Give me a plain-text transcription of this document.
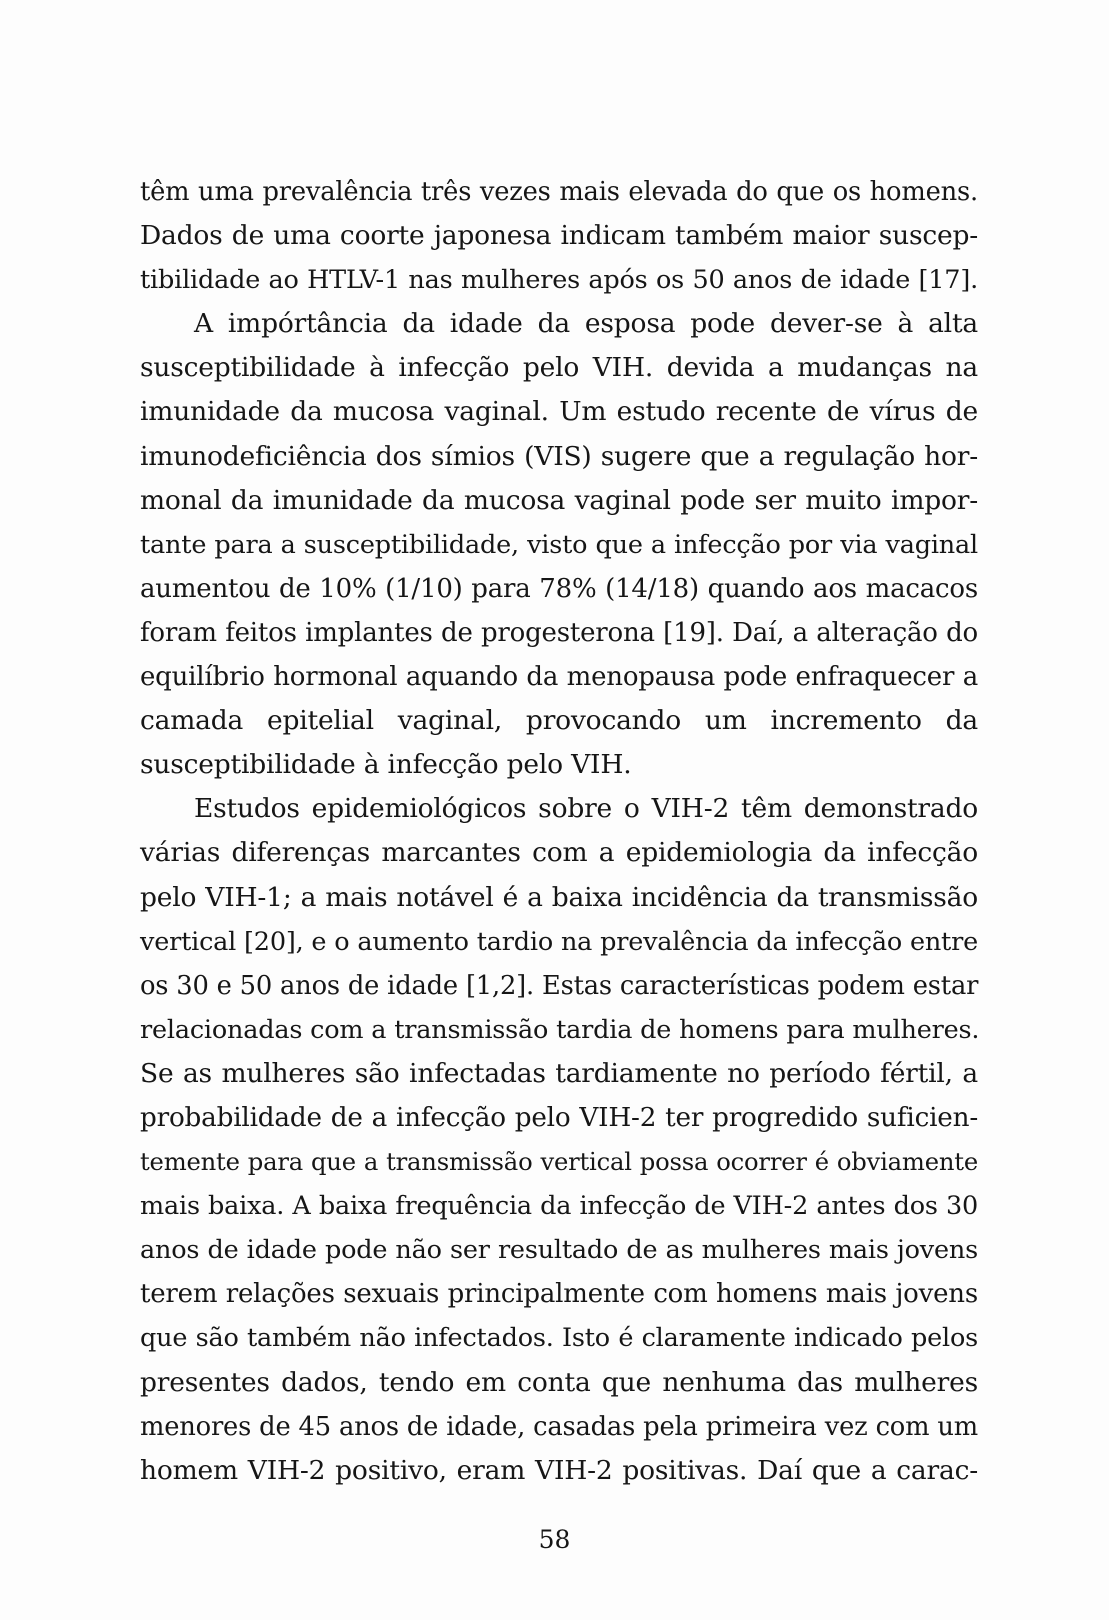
têm uma prevalência três vezes mais elevada do que os homens.
Dados de uma coorte japonesa indicam também maior suscep-
tibilidade ao HTLV-1 nas mulheres após os 50 anos de idade [17].
A impórtância da idade da esposa pode dever-se à alta
susceptibilidade à infecção pelo VIH. devida a mudanças na
imunidade da mucosa vaginal. Um estudo recente de vírus de
imunodeficiência dos símios (VIS) sugere que a regulação hor-
monal da imunidade da mucosa vaginal pode ser muito impor-
tante para a susceptibilidade, visto que a infecção por via vaginal
aumentou de 10% (1/10) para 78% (14/18) quando aos macacos
foram feitos implantes de progesterona [19]. Daí, a alteração do
equilíbrio hormonal aquando da menopausa pode enfraquecer a
camada epitelial vaginal, provocando um incremento da
susceptibilidade à infecção pelo VIH.
Estudos epidemiológicos sobre o VIH-2 têm demonstrado
várias diferenças marcantes com a epidemiologia da infecção
pelo VIH-1; a mais notável é a baixa incidência da transmissão
vertical [20], e o aumento tardio na prevalência da infecção entre
os 30 e 50 anos de idade [1,2]. Estas características podem estar
relacionadas com a transmissão tardia de homens para mulheres.
Se as mulheres são infectadas tardiamente no período fértil, a
probabilidade de a infecção pelo VIH-2 ter progredido suficien-
temente para que a transmissão vertical possa ocorrer é obviamente
mais baixa. A baixa frequência da infecção de VIH-2 antes dos 30
anos de idade pode não ser resultado de as mulheres mais jovens
terem relações sexuais principalmente com homens mais jovens
que são também não infectados. Isto é claramente indicado pelos
presentes dados, tendo em conta que nenhuma das mulheres
menores de 45 anos de idade, casadas pela primeira vez com um
homem VIH-2 positivo, eram VIH-2 positivas. Daí que a carac-
58
